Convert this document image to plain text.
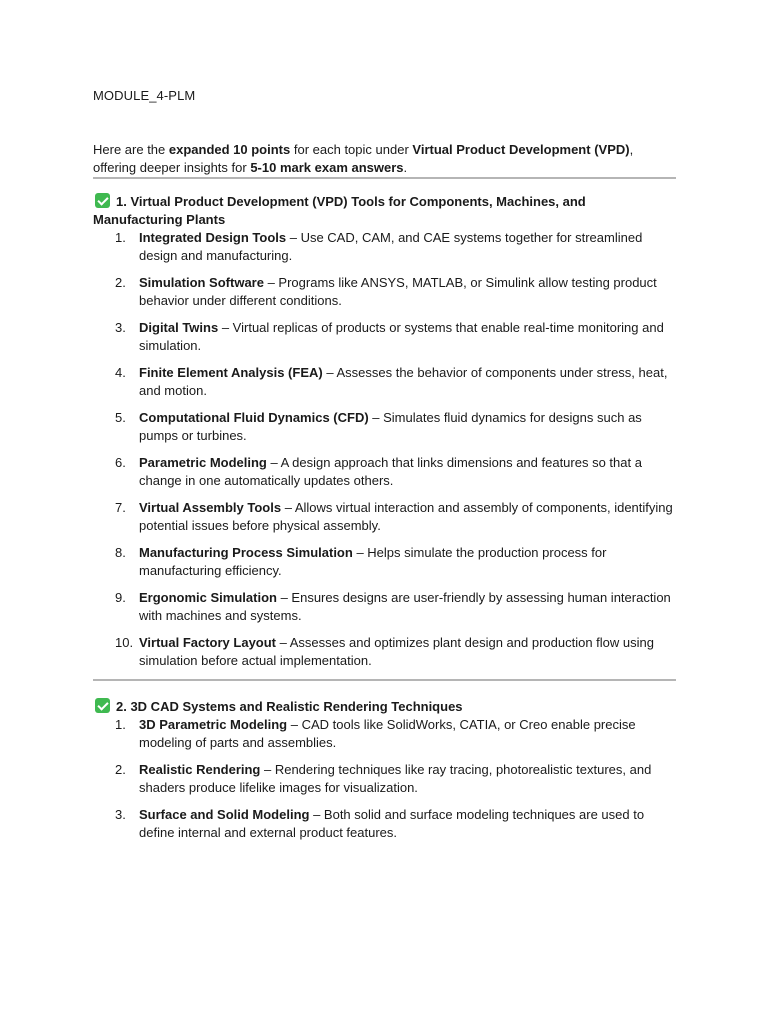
MODULE_4-PLM

Here are the expanded 10 points for each topic under Virtual Product Development (VPD), offering deeper insights for 5-10 mark exam answers.
1. Virtual Product Development (VPD) Tools for Components, Machines, and Manufacturing Plants
1. Integrated Design Tools – Use CAD, CAM, and CAE systems together for streamlined design and manufacturing.
2. Simulation Software – Programs like ANSYS, MATLAB, or Simulink allow testing product behavior under different conditions.
3. Digital Twins – Virtual replicas of products or systems that enable real-time monitoring and simulation.
4. Finite Element Analysis (FEA) – Assesses the behavior of components under stress, heat, and motion.
5. Computational Fluid Dynamics (CFD) – Simulates fluid dynamics for designs such as pumps or turbines.
6. Parametric Modeling – A design approach that links dimensions and features so that a change in one automatically updates others.
7. Virtual Assembly Tools – Allows virtual interaction and assembly of components, identifying potential issues before physical assembly.
8. Manufacturing Process Simulation – Helps simulate the production process for manufacturing efficiency.
9. Ergonomic Simulation – Ensures designs are user-friendly by assessing human interaction with machines and systems.
10. Virtual Factory Layout – Assesses and optimizes plant design and production flow using simulation before actual implementation.
2. 3D CAD Systems and Realistic Rendering Techniques
1. 3D Parametric Modeling – CAD tools like SolidWorks, CATIA, or Creo enable precise modeling of parts and assemblies.
2. Realistic Rendering – Rendering techniques like ray tracing, photorealistic textures, and shaders produce lifelike images for visualization.
3. Surface and Solid Modeling – Both solid and surface modeling techniques are used to define internal and external product features.
